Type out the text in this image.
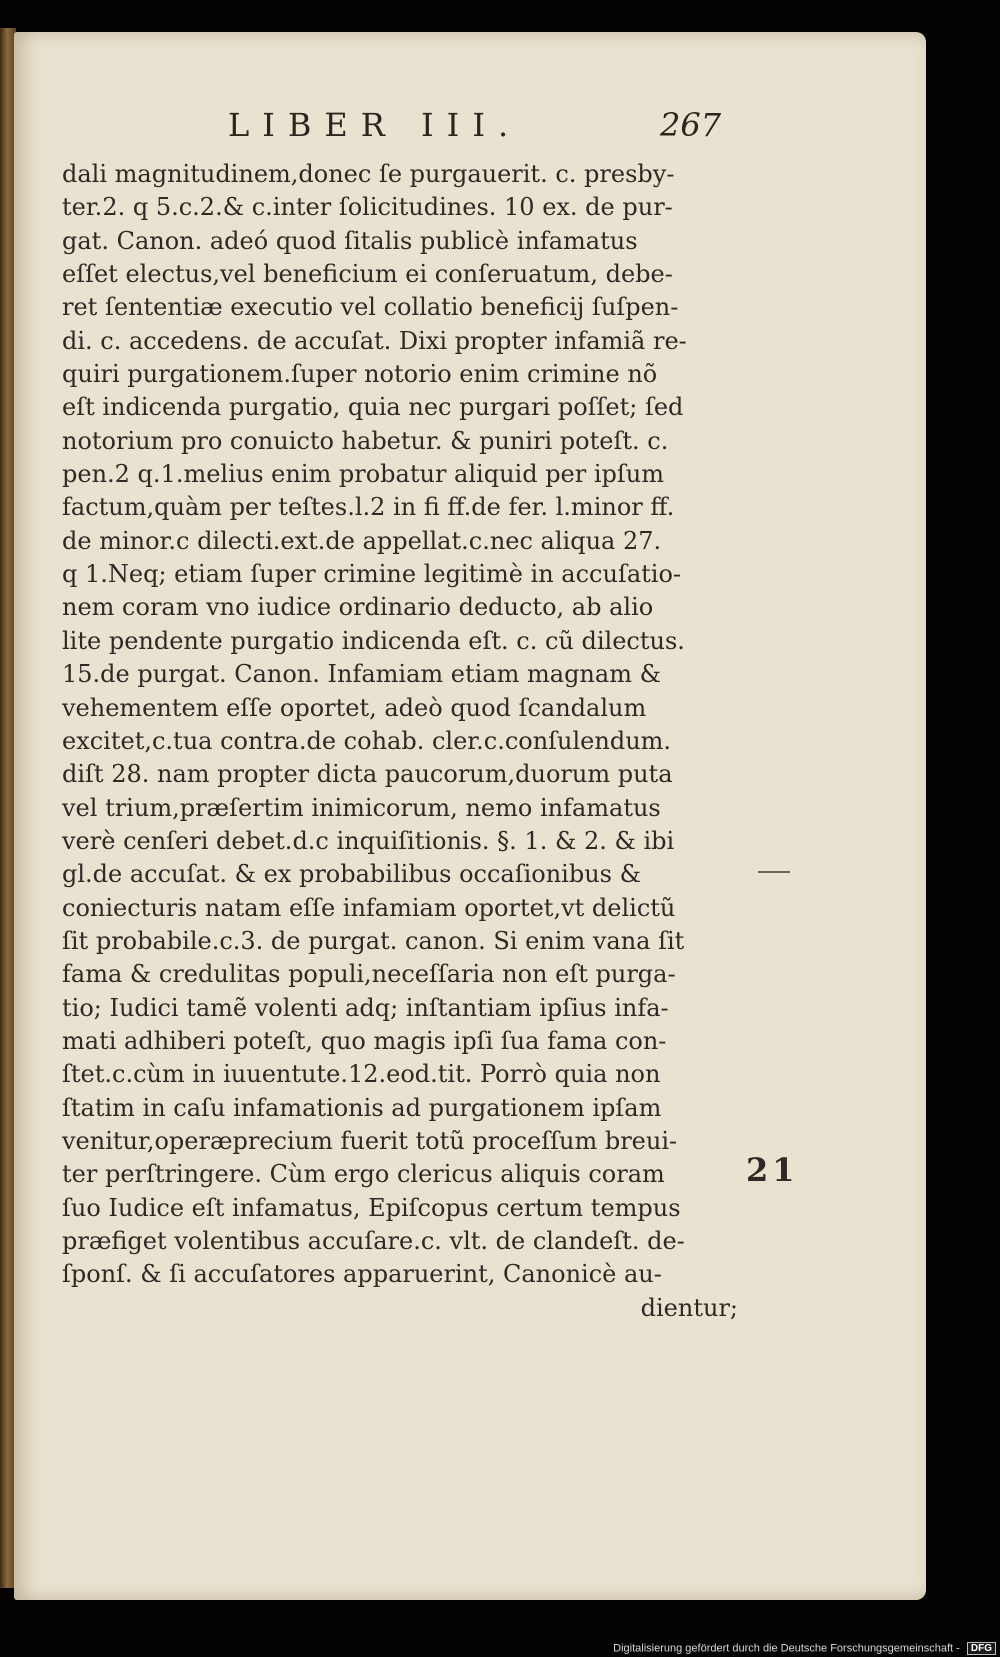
LIBER III.	267
dali magnitudinem,donec ſe purgauerit. c. presby-
ter.2. q 5.c.2.& c.inter ſolicitudines. 10 ex. de pur-
gat. Canon. adeó quod ſitalis publicè infamatus
eſſet electus,vel beneficium ei conſeruatum, debe-
ret ſententiæ executio vel collatio beneficij ſuſpen-
di. c. accedens. de accuſat. Dixi propter infamiã re-
quiri purgationem.ſuper notorio enim crimine nõ
eſt indicenda purgatio, quia nec purgari poſſet; ſed
notorium pro conuicto habetur. & puniri poteſt. c.
pen.2 q.1.melius enim probatur aliquid per ipſum
factum,quàm per teſtes.l.2 in fi ff.de fer. l.minor ff.
de minor.c dilecti.ext.de appellat.c.nec aliqua 27.
q 1.Neq; etiam ſuper crimine legitimè in accuſatio-
nem coram vno iudice ordinario deducto, ab alio
lite pendente purgatio indicenda eſt. c. cũ dilectus.
15.de purgat. Canon. Infamiam etiam magnam &
vehementem eſſe oportet, adeò quod ſcandalum
excitet,c.tua contra.de cohab. cler.c.conſulendum.
diſt 28. nam propter dicta paucorum,duorum puta
vel trium,præſertim inimicorum, nemo infamatus
verè cenſeri debet.d.c inquiſitionis. §. 1. & 2. & ibi
gl.de accuſat. & ex probabilibus occaſionibus &
coniecturis natam eſſe infamiam oportet,vt delictũ
ſit probabile.c.3. de purgat. canon. Si enim vana ſit
fama & credulitas populi,neceſſaria non eſt purga-
tio; Iudici tamẽ volenti adq; inſtantiam ipſius infa-
mati adhiberi poteſt, quo magis ipſi ſua fama con-
ſtet.c.cùm in iuuentute.12.eod.tit. Porrò quia non
ſtatim in caſu infamationis ad purgationem ipſam
venitur,operæprecium fuerit totũ proceſſum breui-
ter perſtringere. Cùm ergo clericus aliquis coram
ſuo Iudice eſt infamatus, Epiſcopus certum tempus
præfiget volentibus accuſare.c. vlt. de clandeſt. de-
ſponſ. & ſi accuſatores apparuerint, Canonicè au-
dientur;
21
Digitalisierung gefördert durch die Deutsche Forschungsgemeinschaft - DFG
